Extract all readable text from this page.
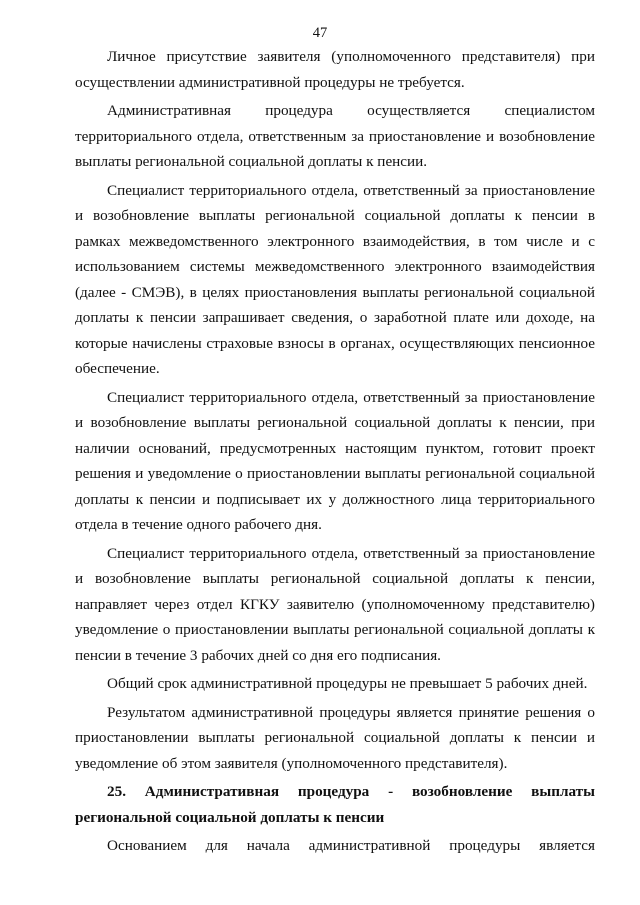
47

Личное присутствие заявителя (уполномоченного представителя) при осуществлении административной процедуры не требуется.

Административная процедура осуществляется специалистом территориального отдела, ответственным за приостановление и возобновление выплаты региональной социальной доплаты к пенсии.

Специалист территориального отдела, ответственный за приостановление и возобновление выплаты региональной социальной доплаты к пенсии в рамках межведомственного электронного взаимодействия, в том числе и с использованием системы межведомственного электронного взаимодействия (далее - СМЭВ), в целях приостановления выплаты региональной социальной доплаты к пенсии запрашивает сведения, о заработной плате или доходе, на которые начислены страховые взносы в органах, осуществляющих пенсионное обеспечение.

Специалист территориального отдела, ответственный за приостановление и возобновление выплаты региональной социальной доплаты к пенсии, при наличии оснований, предусмотренных настоящим пунктом, готовит проект решения и уведомление о приостановлении выплаты региональной социальной доплаты к пенсии и подписывает их у должностного лица территориального отдела в течение одного рабочего дня.

Специалист территориального отдела, ответственный за приостановление и возобновление выплаты региональной социальной доплаты к пенсии, направляет через отдел КГКУ заявителю (уполномоченному представителю) уведомление о приостановлении выплаты региональной социальной доплаты к пенсии в течение 3 рабочих дней со дня его подписания.

Общий срок административной процедуры не превышает 5 рабочих дней.

Результатом административной процедуры является принятие решения о приостановлении выплаты региональной социальной доплаты к пенсии и уведомление об этом заявителя (уполномоченного представителя).

25. Административная процедура - возобновление выплаты региональной социальной доплаты к пенсии

Основанием для начала административной процедуры является
